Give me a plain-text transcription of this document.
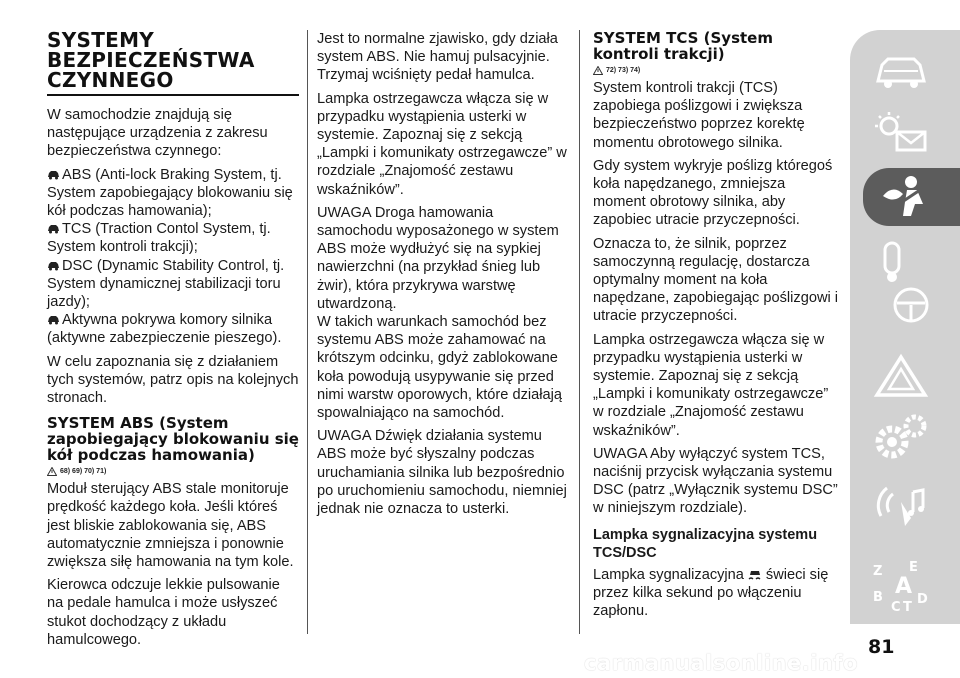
SYSTEMY
BEZPIECZEŃSTWA
CZYNNEGO

W samochodzie znajdują się następujące urządzenia z zakresu bezpieczeństwa czynnego:

ABS (Anti-lock Braking System, tj. System zapobiegający blokowaniu się kół podczas hamowania);
TCS (Traction Contol System, tj. System kontroli trakcji);
DSC (Dynamic Stability Control, tj. System dynamicznej stabilizacji toru jazdy);
Aktywna pokrywa komory silnika (aktywne zabezpieczenie pieszego).

W celu zapoznania się z działaniem tych systemów, patrz opis na kolejnych stronach.

SYSTEM ABS (System zapobiegający blokowaniu się kół podczas hamowania)
68) 69) 70) 71)

Moduł sterujący ABS stale monitoruje prędkość każdego koła. Jeśli któreś jest bliskie zablokowania się, ABS automatycznie zmniejsza i ponownie zwiększa siłę hamowania na tym kole.

Kierowca odczuje lekkie pulsowanie na pedale hamulca i może usłyszeć stukot dochodzący z układu hamulcowego.

Jest to normalne zjawisko, gdy działa system ABS. Nie hamuj pulsacyjnie. Trzymaj wciśnięty pedał hamulca.

Lampka ostrzegawcza włącza się w przypadku wystąpienia usterki w systemie. Zapoznaj się z sekcją „Lampki i komunikaty ostrzegawcze” w rozdziale „Znajomość zestawu wskaźników”.

UWAGA Droga hamowania samochodu wyposażonego w system ABS może wydłużyć się na sypkiej nawierzchni (na przykład śnieg lub żwir), która przykrywa warstwę utwardzoną.

W takich warunkach samochód bez systemu ABS może zahamować na krótszym odcinku, gdyż zablokowane koła powodują usypywanie się przed nimi warstw oporowych, które działają spowalniająco na samochód.

UWAGA Dźwięk działania systemu ABS może być słyszalny podczas uruchamiania silnika lub bezpośrednio po uruchomieniu samochodu, niemniej jednak nie oznacza to usterki.

SYSTEM TCS (System kontroli trakcji)
72) 73) 74)

System kontroli trakcji (TCS) zapobiega poślizgowi i zwiększa bezpieczeństwo poprzez korektę momentu obrotowego silnika.

Gdy system wykryje poślizg któregoś koła napędzanego, zmniejsza moment obrotowy silnika, aby zapobiec utracie przyczepności.

Oznacza to, że silnik, poprzez samoczynną regulację, dostarcza optymalny moment na koła napędzane, zapobiegając poślizgowi i utracie przyczepności.

Lampka ostrzegawcza włącza się w przypadku wystąpienia usterki w systemie. Zapoznaj się z sekcją „Lampki i komunikaty ostrzegawcze” w rozdziale „Znajomość zestawu wskaźników”.

UWAGA Aby wyłączyć system TCS, naciśnij przycisk wyłączania systemu DSC (patrz „Wyłącznik systemu DSC” w niniejszym rozdziale).

Lampka sygnalizacyjna systemu TCS/DSC

Lampka sygnalizacyjna świeci się przez kilka sekund po włączeniu zapłonu.

Z E
B
C T
D
A
81
carmanualsonline.info
